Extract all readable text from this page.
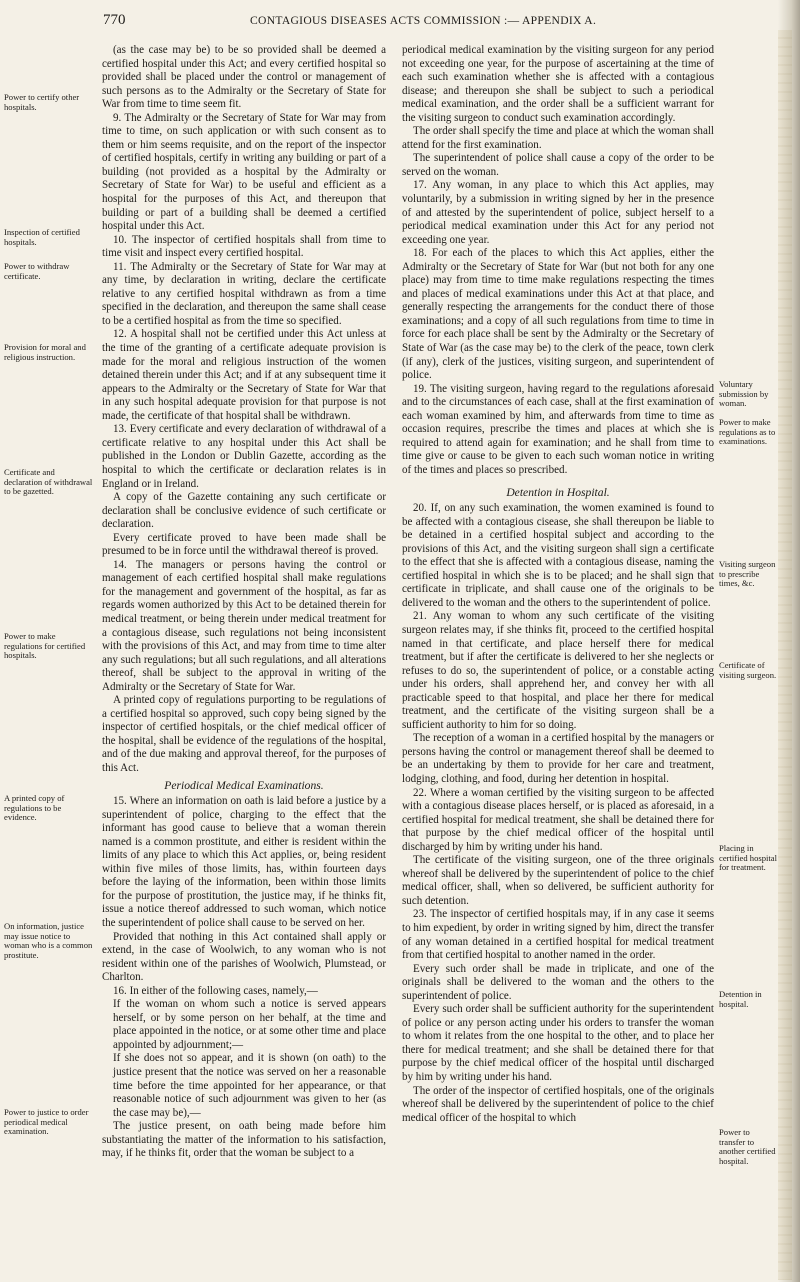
770	CONTAGIOUS DISEASES ACTS COMMISSION :— APPENDIX A.
Power to certify other hospitals.
Inspection of certified hospitals.
Power to withdraw certificate.
Provision for moral and religious instruction.
Certificate and declaration of withdrawal to be gazetted.
Power to make regulations for certified hospitals.
A printed copy of regulations to be evidence.
On information, justice may issue notice to woman who is a common prostitute.
Power to justice to order periodical medical examination.
Voluntary submission by woman.
Power to make regulations as to examinations.
Visiting surgeon to prescribe times, &c.
Certificate of visiting surgeon.
Placing in certified hospital for treatment.
Detention in hospital.
Power to transfer to another certified hospital.

(as the case may be) to be so provided shall be deemed a certified hospital under this Act; and every certified hospital so provided shall be placed under the control or management of such persons as to the Admiralty or the Secretary of State for War from time to time seem fit.

9. The Admiralty or the Secretary of State for War may from time to time, on such application or with such consent as to them or him seems requisite, and on the report of the inspector of certified hospitals, certify in writing any building or part of a building (not provided as a hospital by the Admiralty or Secretary of State for War) to be useful and efficient as a hospital for the purposes of this Act, and thereupon that building or part of a building shall be deemed a certified hospital under this Act.

10. The inspector of certified hospitals shall from time to time visit and inspect every certified hospital.

11. The Admiralty or the Secretary of State for War may at any time, by declaration in writing, declare the certificate relative to any certified hospital withdrawn as from a time specified in the declaration, and thereupon the same shall cease to be a certified hospital as from the time so specified.

12. A hospital shall not be certified under this Act unless at the time of the granting of a certificate adequate provision is made for the moral and religious instruction of the women detained therein under this Act; and if at any subsequent time it appears to the Admiralty or the Secretary of State for War that in any such hospital adequate provision for that purpose is not made, the certificate of that hospital shall be withdrawn.

13. Every certificate and every declaration of withdrawal of a certificate relative to any hospital under this Act shall be published in the London or Dublin Gazette, according as the hospital to which the certificate or declaration relates is in England or in Ireland.

A copy of the Gazette containing any such certificate or declaration shall be conclusive evidence of such certificate or declaration.

Every certificate proved to have been made shall be presumed to be in force until the withdrawal thereof is proved.

14. The managers or persons having the control or management of each certified hospital shall make regulations for the management and government of the hospital, as far as regards women authorized by this Act to be detained therein for medical treatment, or being therein under medical treatment for a contagious disease, such regulations not being inconsistent with the provisions of this Act, and may from time to time alter any such regulations; but all such regulations, and all alterations thereof, shall be subject to the approval in writing of the Admiralty or the Secretary of State for War.

A printed copy of regulations purporting to be regulations of a certified hospital so approved, such copy being signed by the inspector of certified hospitals, or the chief medical officer of the hospital, shall be evidence of the regulations of the hospital, and of the due making and approval thereof, for the purposes of this Act.

Periodical Medical Examinations.

15. Where an information on oath is laid before a justice by a superintendent of police, charging to the effect that the informant has good cause to believe that a woman therein named is a common prostitute, and either is resident within the limits of any place to which this Act applies, or, being resident within five miles of those limits, has, within fourteen days before the laying of the information, been within those limits for the purpose of prostitution, the justice may, if he thinks fit, issue a notice thereof addressed to such woman, which notice the superintendent of police shall cause to be served on her.

Provided that nothing in this Act contained shall apply or extend, in the case of Woolwich, to any woman who is not resident within one of the parishes of Woolwich, Plumstead, or Charlton.

16. In either of the following cases, namely,—

If the woman on whom such a notice is served appears herself, or by some person on her behalf, at the time and place appointed in the notice, or at some other time and place appointed by adjournment;—

If she does not so appear, and it is shown (on oath) to the justice present that the notice was served on her a reasonable time before the time appointed for her appearance, or that reasonable notice of such adjournment was given to her (as the case may be),—

The justice present, on oath being made before him substantiating the matter of the information to his satisfaction, may, if he thinks fit, order that the woman be subject to a

periodical medical examination by the visiting surgeon for any period not exceeding one year, for the purpose of ascertaining at the time of each such examination whether she is affected with a contagious disease; and thereupon she shall be subject to such a periodical medical examination, and the order shall be a sufficient warrant for the visiting surgeon to conduct such examination accordingly.

The order shall specify the time and place at which the woman shall attend for the first examination.

The superintendent of police shall cause a copy of the order to be served on the woman.

17. Any woman, in any place to which this Act applies, may voluntarily, by a submission in writing signed by her in the presence of and attested by the superintendent of police, subject herself to a periodical medical examination under this Act for any period not exceeding one year.

18. For each of the places to which this Act applies, either the Admiralty or the Secretary of State for War (but not both for any one place) may from time to time make regulations respecting the times and places of medical examinations under this Act at that place, and generally respecting the arrangements for the conduct there of those examinations; and a copy of all such regulations from time to time in force for each place shall be sent by the Admiralty or the Secretary of State of War (as the case may be) to the clerk of the peace, town clerk (if any), clerk of the justices, visiting surgeon, and superintendent of police.

19. The visiting surgeon, having regard to the regulations aforesaid and to the circumstances of each case, shall at the first examination of each woman examined by him, and afterwards from time to time as occasion requires, prescribe the times and places at which she is required to attend again for examination; and he shall from time to time give or cause to be given to each such woman notice in writing of the times and places so prescribed.

Detention in Hospital.

20. If, on any such examination, the women examined is found to be affected with a contagious cisease, she shall thereupon be liable to be detained in a certified hospital subject and according to the provisions of this Act, and the visiting surgeon shall sign a certificate to the effect that she is affected with a contagious disease, naming the certified hospital in which she is to be placed; and he shall sign that certificate in triplicate, and shall cause one of the originals to be delivered to the woman and the others to the superintendent of police.

21. Any woman to whom any such certificate of the visiting surgeon relates may, if she thinks fit, proceed to the certified hospital named in that certificate, and place herself there for medical treatment, but if after the certificate is delivered to her she neglects or refuses to do so, the superintendent of police, or a constable acting under his orders, shall apprehend her, and convey her with all practicable speed to that hospital, and place her there for medical treatment, and the certificate of the visiting surgeon shall be a sufficient authority to him for so doing.

The reception of a woman in a certified hospital by the managers or persons having the control or management thereof shall be deemed to be an undertaking by them to provide for her care and treatment, lodging, clothing, and food, during her detention in hospital.

22. Where a woman certified by the visiting surgeon to be affected with a contagious disease places herself, or is placed as aforesaid, in a certified hospital for medical treatment, she shall be detained there for that purpose by the chief medical officer of the hospital until discharged by him by writing under his hand.

The certificate of the visiting surgeon, one of the three originals whereof shall be delivered by the superintendent of police to the chief medical officer, shall, when so delivered, be sufficient authority for such detention.

23. The inspector of certified hospitals may, if in any case it seems to him expedient, by order in writing signed by him, direct the transfer of any woman detained in a certified hospital for medical treatment from that certified hospital to another named in the order.

Every such order shall be made in triplicate, and one of the originals shall be delivered to the woman and the others to the superintendent of police.

Every such order shall be sufficient authority for the superintendent of police or any person acting under his orders to transfer the woman to whom it relates from the one hospital to the other, and to place her there for medical treatment; and she shall be detained there for that purpose by the chief medical officer of the hospital until discharged by him by writing under his hand.

The order of the inspector of certified hospitals, one of the originals whereof shall be delivered by the superintendent of police to the chief medical officer of the hospital to which
